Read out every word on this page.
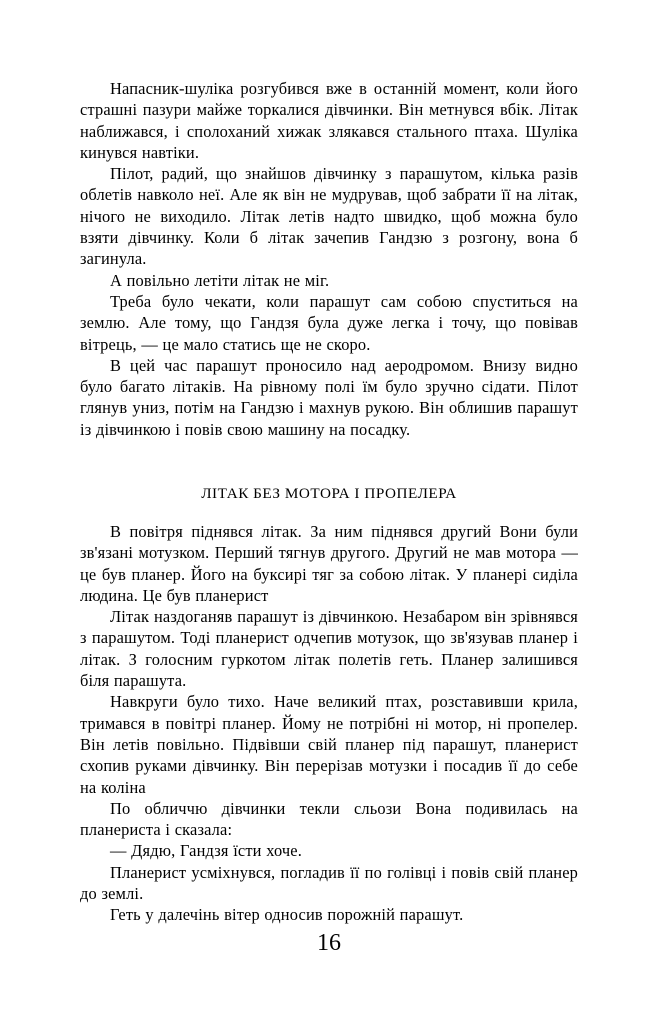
Напасник-шуліка розгубився вже в останній момент, коли його страшні пазури майже торкалися дівчинки. Він метнувся вбік. Літак наближався, і сполоханий хижак злякався стального птаха. Шуліка кинувся навтіки.

Пілот, радий, що знайшов дівчинку з парашутом, кілька разів облетів навколо неї. Але як він не мудрував, щоб забрати її на літак, нічого не виходило. Літак летів надто швидко, щоб можна було взяти дівчинку. Коли б літак зачепив Гандзю з розгону, вона б загинула.

А повільно летіти літак не міг.

Треба було чекати, коли парашут сам собою спуститься на землю. Але тому, що Гандзя була дуже легка і точу, що повівав вітрець, — це мало статись ще не скоро.

В цей час парашут проносило над аеродромом. Внизу видно було багато літаків. На рівному полі їм було зручно сідати. Пілот глянув униз, потім на Гандзю і махнув рукою. Він облишив парашут із дівчинкою і повів свою машину на посадку.

ЛІТАК БЕЗ МОТОРА І ПРОПЕЛЕРА

В повітря піднявся літак. За ним піднявся другий Вони були зв'язані мотузком. Перший тягнув другого. Другий не мав мотора — це був планер. Його на буксирі тяг за собою літак. У планері сиділа людина. Це був планерист

Літак наздоганяв парашут із дівчинкою. Незабаром він зрівнявся з парашутом. Тоді планерист одчепив мотузок, що зв'язував планер і літак. З голосним гуркотом літак полетів геть. Планер залишився біля парашута.

Навкруги було тихо. Наче великий птах, розставивши крила, тримався в повітрі планер. Йому не потрібні ні мотор, ні пропелер. Він летів повільно. Підвівши свій планер під парашут, планерист схопив руками дівчинку. Він перерізав мотузки і посадив її до себе на коліна

По обличчю дівчинки текли сльози Вона подивилась на планериста і сказала:

— Дядю, Гандзя їсти хоче.

Планерист усміхнувся, погладив її по голівці і повів свій планер до землі.

Геть у далечінь вітер односив порожній парашут.

16
